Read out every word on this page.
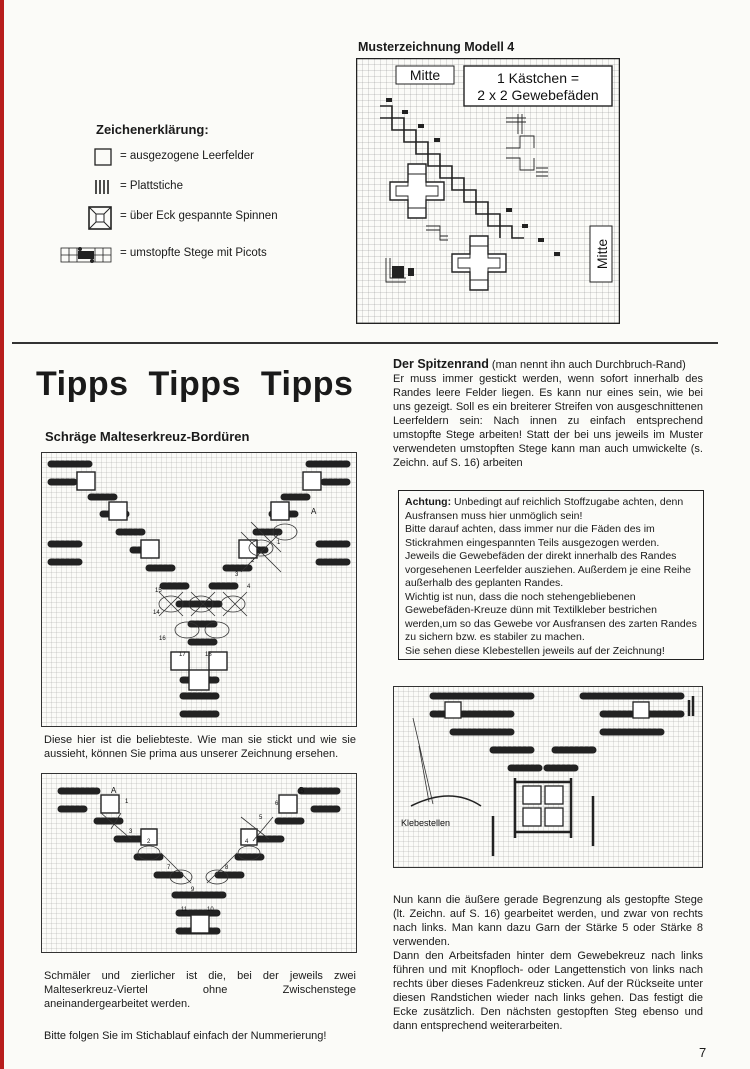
Zeichenerklärung:
= ausgezogene Leerfelder
= Plattstiche
= über Eck gespannte Spinnen
= umstopfte Stege mit Picots
Musterzeichnung Modell 4
Mitte	1 Kästchen =
2 x 2 Gewebefäden
Mitte
Tipps  Tipps  Tipps
Schräge Malteserkreuz-Bordüren
A
15
14
16
17	18
3
2
1
4
Diese hier ist die beliebteste. Wie man sie stickt und wie sie aussieht, können Sie prima aus unserer Zeichnung ersehen.
A	B
1	6
5
3
2	4
7	8
9
10
11
Schmäler und zierlicher ist die, bei der jeweils zwei Malteserkreuz-Viertel ohne Zwischenstege aneinandergearbeitet werden.
Bitte folgen Sie im Stichablauf einfach der Nummerierung!
Der Spitzenrand (man nennt ihn auch Durchbruch-Rand)
Er muss immer gestickt werden, wenn sofort innerhalb des Randes leere Felder liegen. Es kann nur eines sein, wie bei uns gezeigt. Soll es ein breiterer Streifen von ausgeschnittenen Leerfeldern sein: Nach innen zu einfach entsprechend umstopfte Stege arbeiten! Statt der bei uns jeweils im Muster verwendeten umstopften Stege kann man auch umwickelte (s. Zeichn. auf S. 16) arbeiten
Achtung: Unbedingt auf reichlich Stoffzugabe achten, denn Ausfransen muss hier unmöglich sein!
Bitte darauf achten, dass immer nur die Fäden des im Stickrahmen eingespannten Teils ausgezogen werden.
Jeweils die Gewebefäden der direkt innerhalb des Randes vorgesehenen Leerfelder ausziehen. Außerdem je eine Reihe außerhalb des geplanten Randes.
Wichtig ist nun, dass die noch stehengebliebenen Gewebefäden-Kreuze dünn mit Textilkleber bestrichen werden,um so das Gewebe vor Ausfransen des zarten Randes zu sichern bzw. es stabiler zu machen.
Sie sehen diese Klebestellen jeweils auf der Zeichnung!
Klebestellen
Nun kann die äußere gerade Begrenzung als gestopfte Stege (lt. Zeichn. auf S. 16) gearbeitet werden, und zwar von rechts nach links. Man kann dazu Garn der Stärke 5 oder Stärke 8 verwenden.
Dann den Arbeitsfaden hinter dem Gewebekreuz nach links führen und mit Knopfloch- oder Langettenstich von links nach rechts über dieses Fadenkreuz sticken. Auf der Rückseite unter diesen Randstichen wieder nach links gehen. Das festigt die Ecke zusätzlich. Den nächsten gestopften Steg ebenso und dann entsprechend weiterarbeiten.
7
